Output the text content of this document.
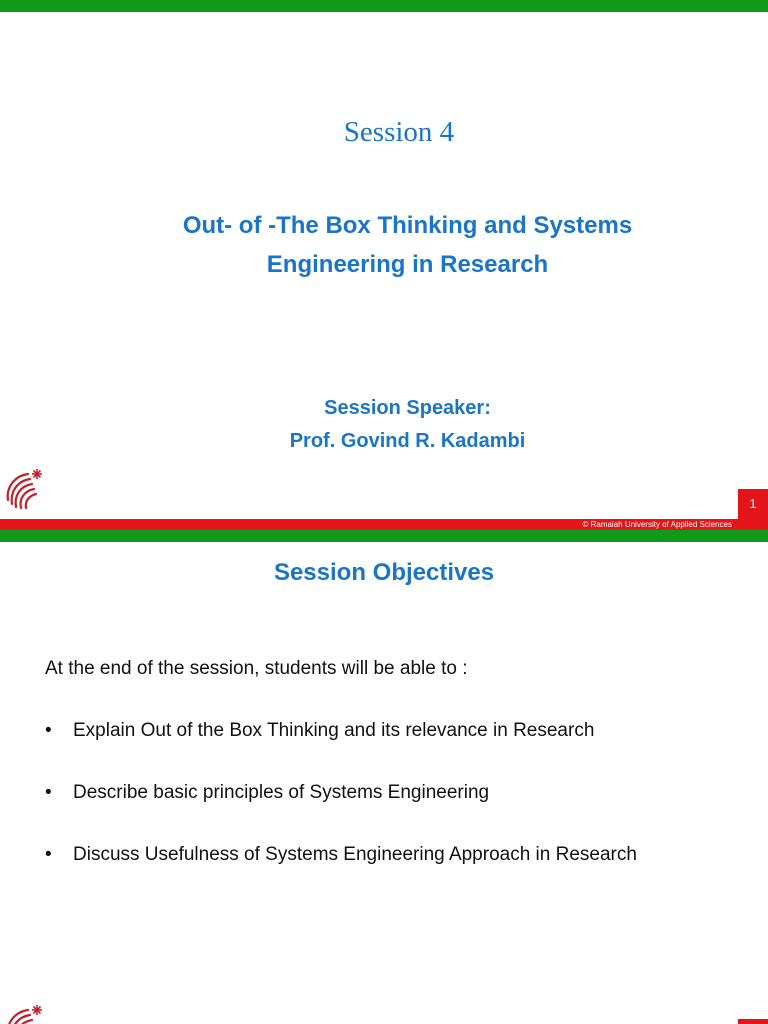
Session 4
Out- of -The Box Thinking and Systems
Engineering in Research
Session Speaker:
Prof. Govind R. Kadambi
1
© Ramaiah University of Applied Sciences
Session Objectives
At the end of the session, students will be able to :
• Explain Out of the Box Thinking and its relevance in Research
• Describe basic principles of Systems Engineering
• Discuss Usefulness of Systems Engineering Approach in Research
